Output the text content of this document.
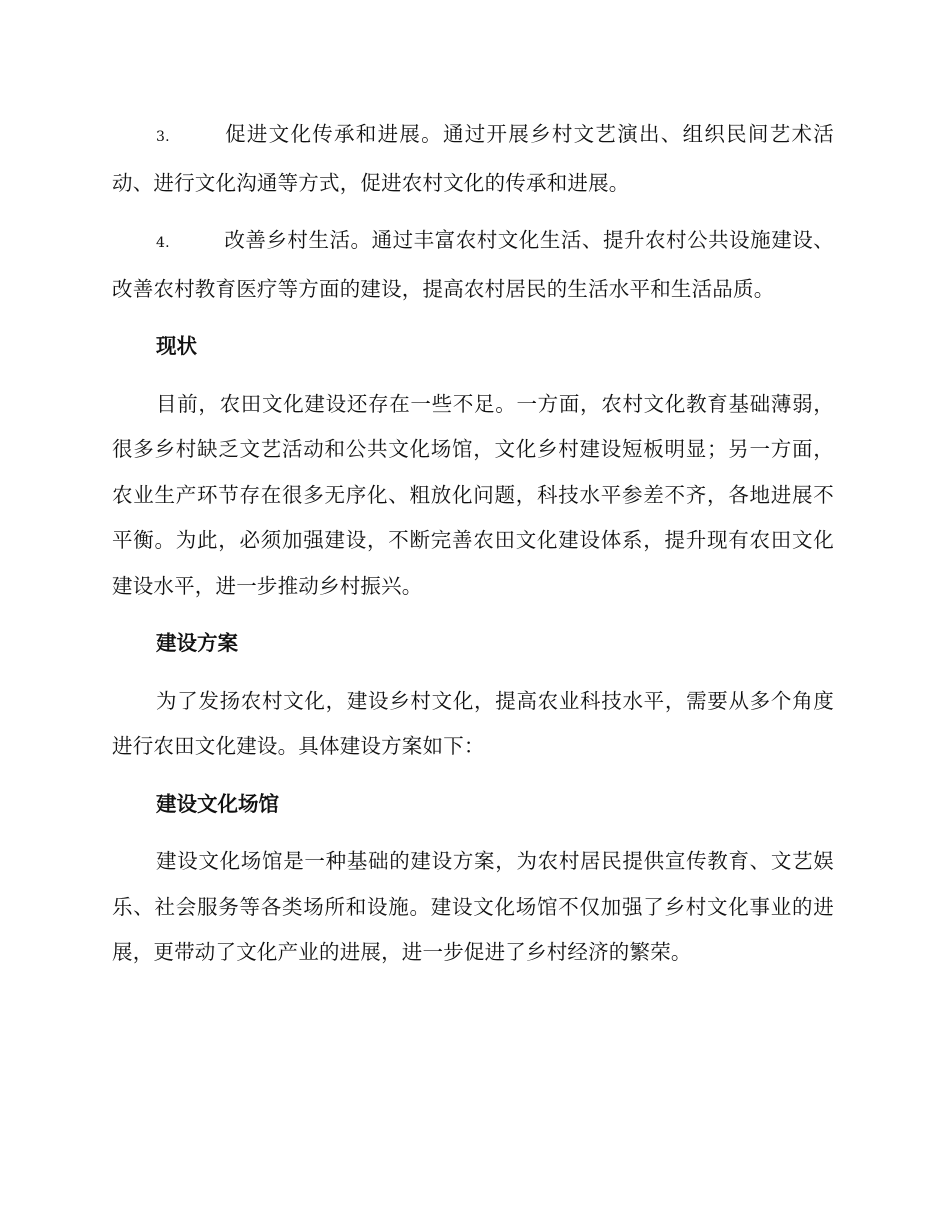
3.	促进文化传承和进展。通过开展乡村文艺演出、组织民间艺术活动、进行文化沟通等方式，促进农村文化的传承和进展。

4.	改善乡村生活。通过丰富农村文化生活、提升农村公共设施建设、改善农村教育医疗等方面的建设，提高农村居民的生活水平和生活品质。

现状

目前，农田文化建设还存在一些不足。一方面，农村文化教育基础薄弱，很多乡村缺乏文艺活动和公共文化场馆，文化乡村建设短板明显；另一方面，农业生产环节存在很多无序化、粗放化问题，科技水平参差不齐，各地进展不平衡。为此，必须加强建设，不断完善农田文化建设体系，提升现有农田文化建设水平，进一步推动乡村振兴。

建设方案

为了发扬农村文化，建设乡村文化，提高农业科技水平，需要从多个角度进行农田文化建设。具体建设方案如下：

建设文化场馆

建设文化场馆是一种基础的建设方案，为农村居民提供宣传教育、文艺娱乐、社会服务等各类场所和设施。建设文化场馆不仅加强了乡村文化事业的进展，更带动了文化产业的进展，进一步促进了乡村经济的繁荣。
